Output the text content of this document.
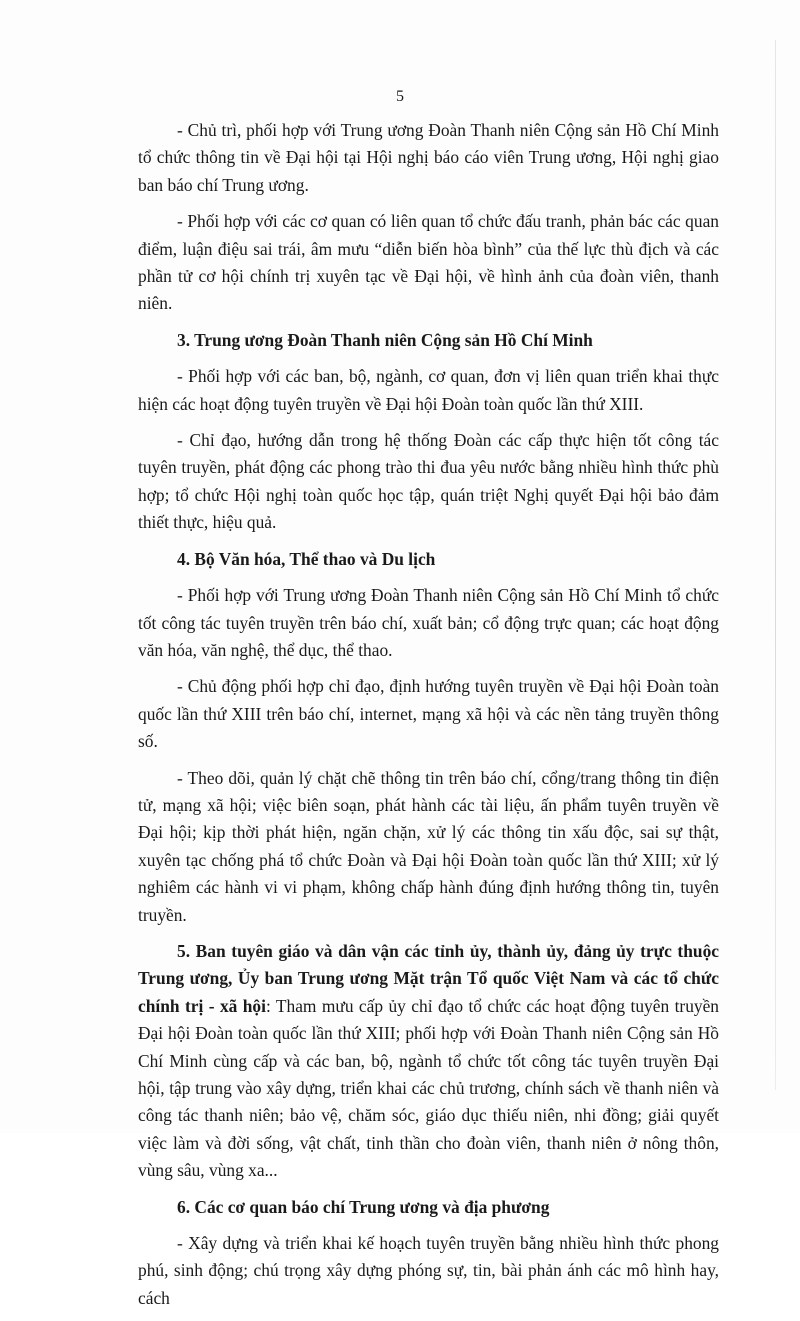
5

- Chủ trì, phối hợp với Trung ương Đoàn Thanh niên Cộng sản Hồ Chí Minh tổ chức thông tin về Đại hội tại Hội nghị báo cáo viên Trung ương, Hội nghị giao ban báo chí Trung ương.

- Phối hợp với các cơ quan có liên quan tổ chức đấu tranh, phản bác các quan điểm, luận điệu sai trái, âm mưu “diễn biến hòa bình” của thế lực thù địch và các phần tử cơ hội chính trị xuyên tạc về Đại hội, về hình ảnh của đoàn viên, thanh niên.

3. Trung ương Đoàn Thanh niên Cộng sản Hồ Chí Minh

- Phối hợp với các ban, bộ, ngành, cơ quan, đơn vị liên quan triển khai thực hiện các hoạt động tuyên truyền về Đại hội Đoàn toàn quốc lần thứ XIII.

- Chỉ đạo, hướng dẫn trong hệ thống Đoàn các cấp thực hiện tốt công tác tuyên truyền, phát động các phong trào thi đua yêu nước bằng nhiều hình thức phù hợp; tổ chức Hội nghị toàn quốc học tập, quán triệt Nghị quyết Đại hội bảo đảm thiết thực, hiệu quả.

4. Bộ Văn hóa, Thể thao và Du lịch

- Phối hợp với Trung ương Đoàn Thanh niên Cộng sản Hồ Chí Minh tổ chức tốt công tác tuyên truyền trên báo chí, xuất bản; cổ động trực quan; các hoạt động văn hóa, văn nghệ, thể dục, thể thao.

- Chủ động phối hợp chỉ đạo, định hướng tuyên truyền về Đại hội Đoàn toàn quốc lần thứ XIII trên báo chí, internet, mạng xã hội và các nền tảng truyền thông số.

- Theo dõi, quản lý chặt chẽ thông tin trên báo chí, cổng/trang thông tin điện tử, mạng xã hội; việc biên soạn, phát hành các tài liệu, ấn phẩm tuyên truyền về Đại hội; kịp thời phát hiện, ngăn chặn, xử lý các thông tin xấu độc, sai sự thật, xuyên tạc chống phá tổ chức Đoàn và Đại hội Đoàn toàn quốc lần thứ XIII; xử lý nghiêm các hành vi vi phạm, không chấp hành đúng định hướng thông tin, tuyên truyền.

5. Ban tuyên giáo và dân vận các tỉnh ủy, thành ủy, đảng ủy trực thuộc Trung ương, Ủy ban Trung ương Mặt trận Tổ quốc Việt Nam và các tổ chức chính trị - xã hội: Tham mưu cấp ủy chỉ đạo tổ chức các hoạt động tuyên truyền Đại hội Đoàn toàn quốc lần thứ XIII; phối hợp với Đoàn Thanh niên Cộng sản Hồ Chí Minh cùng cấp và các ban, bộ, ngành tổ chức tốt công tác tuyên truyền Đại hội, tập trung vào xây dựng, triển khai các chủ trương, chính sách về thanh niên và công tác thanh niên; bảo vệ, chăm sóc, giáo dục thiếu niên, nhi đồng; giải quyết việc làm và đời sống, vật chất, tinh thần cho đoàn viên, thanh niên ở nông thôn, vùng sâu, vùng xa...

6. Các cơ quan báo chí Trung ương và địa phương

- Xây dựng và triển khai kế hoạch tuyên truyền bằng nhiều hình thức phong phú, sinh động; chú trọng xây dựng phóng sự, tin, bài phản ánh các mô hình hay, cách
